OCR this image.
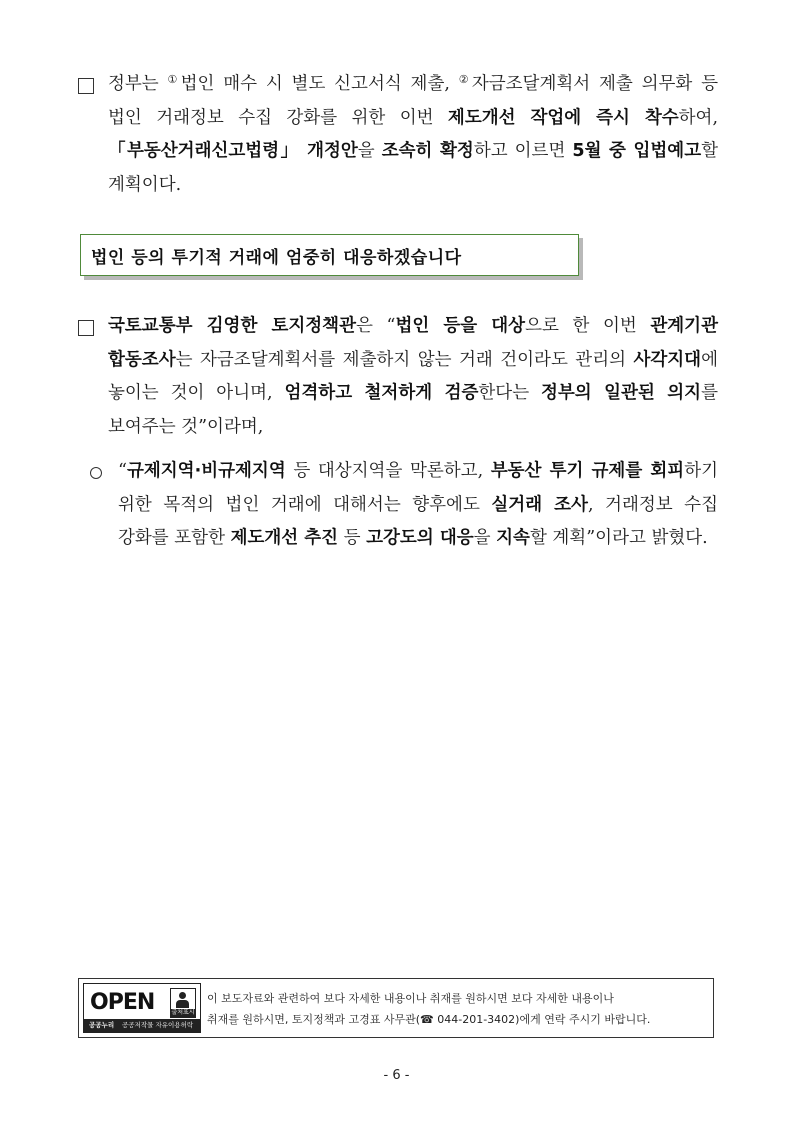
정부는 ①법인 매수 시 별도 신고서식 제출, ②자금조달계획서 제출 의무화 등 법인 거래정보 수집 강화를 위한 이번 제도개선 작업에 즉시 착수하여, 「부동산거래신고법령」 개정안을 조속히 확정하고 이르면 5월 중 입법예고할 계획이다.
법인 등의 투기적 거래에 엄중히 대응하겠습니다
국토교통부 김영한 토지정책관은 “법인 등을 대상으로 한 이번 관계기관 합동조사는 자금조달계획서를 제출하지 않는 거래 건이라도 관리의 사각지대에 놓이는 것이 아니며, 엄격하고 철저하게 검증한다는 정부의 일관된 의지를 보여주는 것”이라며,
“규제지역·비규제지역 등 대상지역을 막론하고, 부동산 투기 규제를 회피하기 위한 목적의 법인 거래에 대해서는 향후에도 실거래 조사, 거래정보 수집 강화를 포함한 제도개선 추진 등 고강도의 대응을 지속할 계획”이라고 밝혔다.
OPEN	출처표시
공공누리 공공저작물 자유이용허락
이 보도자료와 관련하여 보다 자세한 내용이나 취재를 원하시면 보다 자세한 내용이나
취재를 원하시면, 토지정책과 고경표 사무관(☎ 044-201-3402)에게 연락 주시기 바랍니다.
- 6 -
